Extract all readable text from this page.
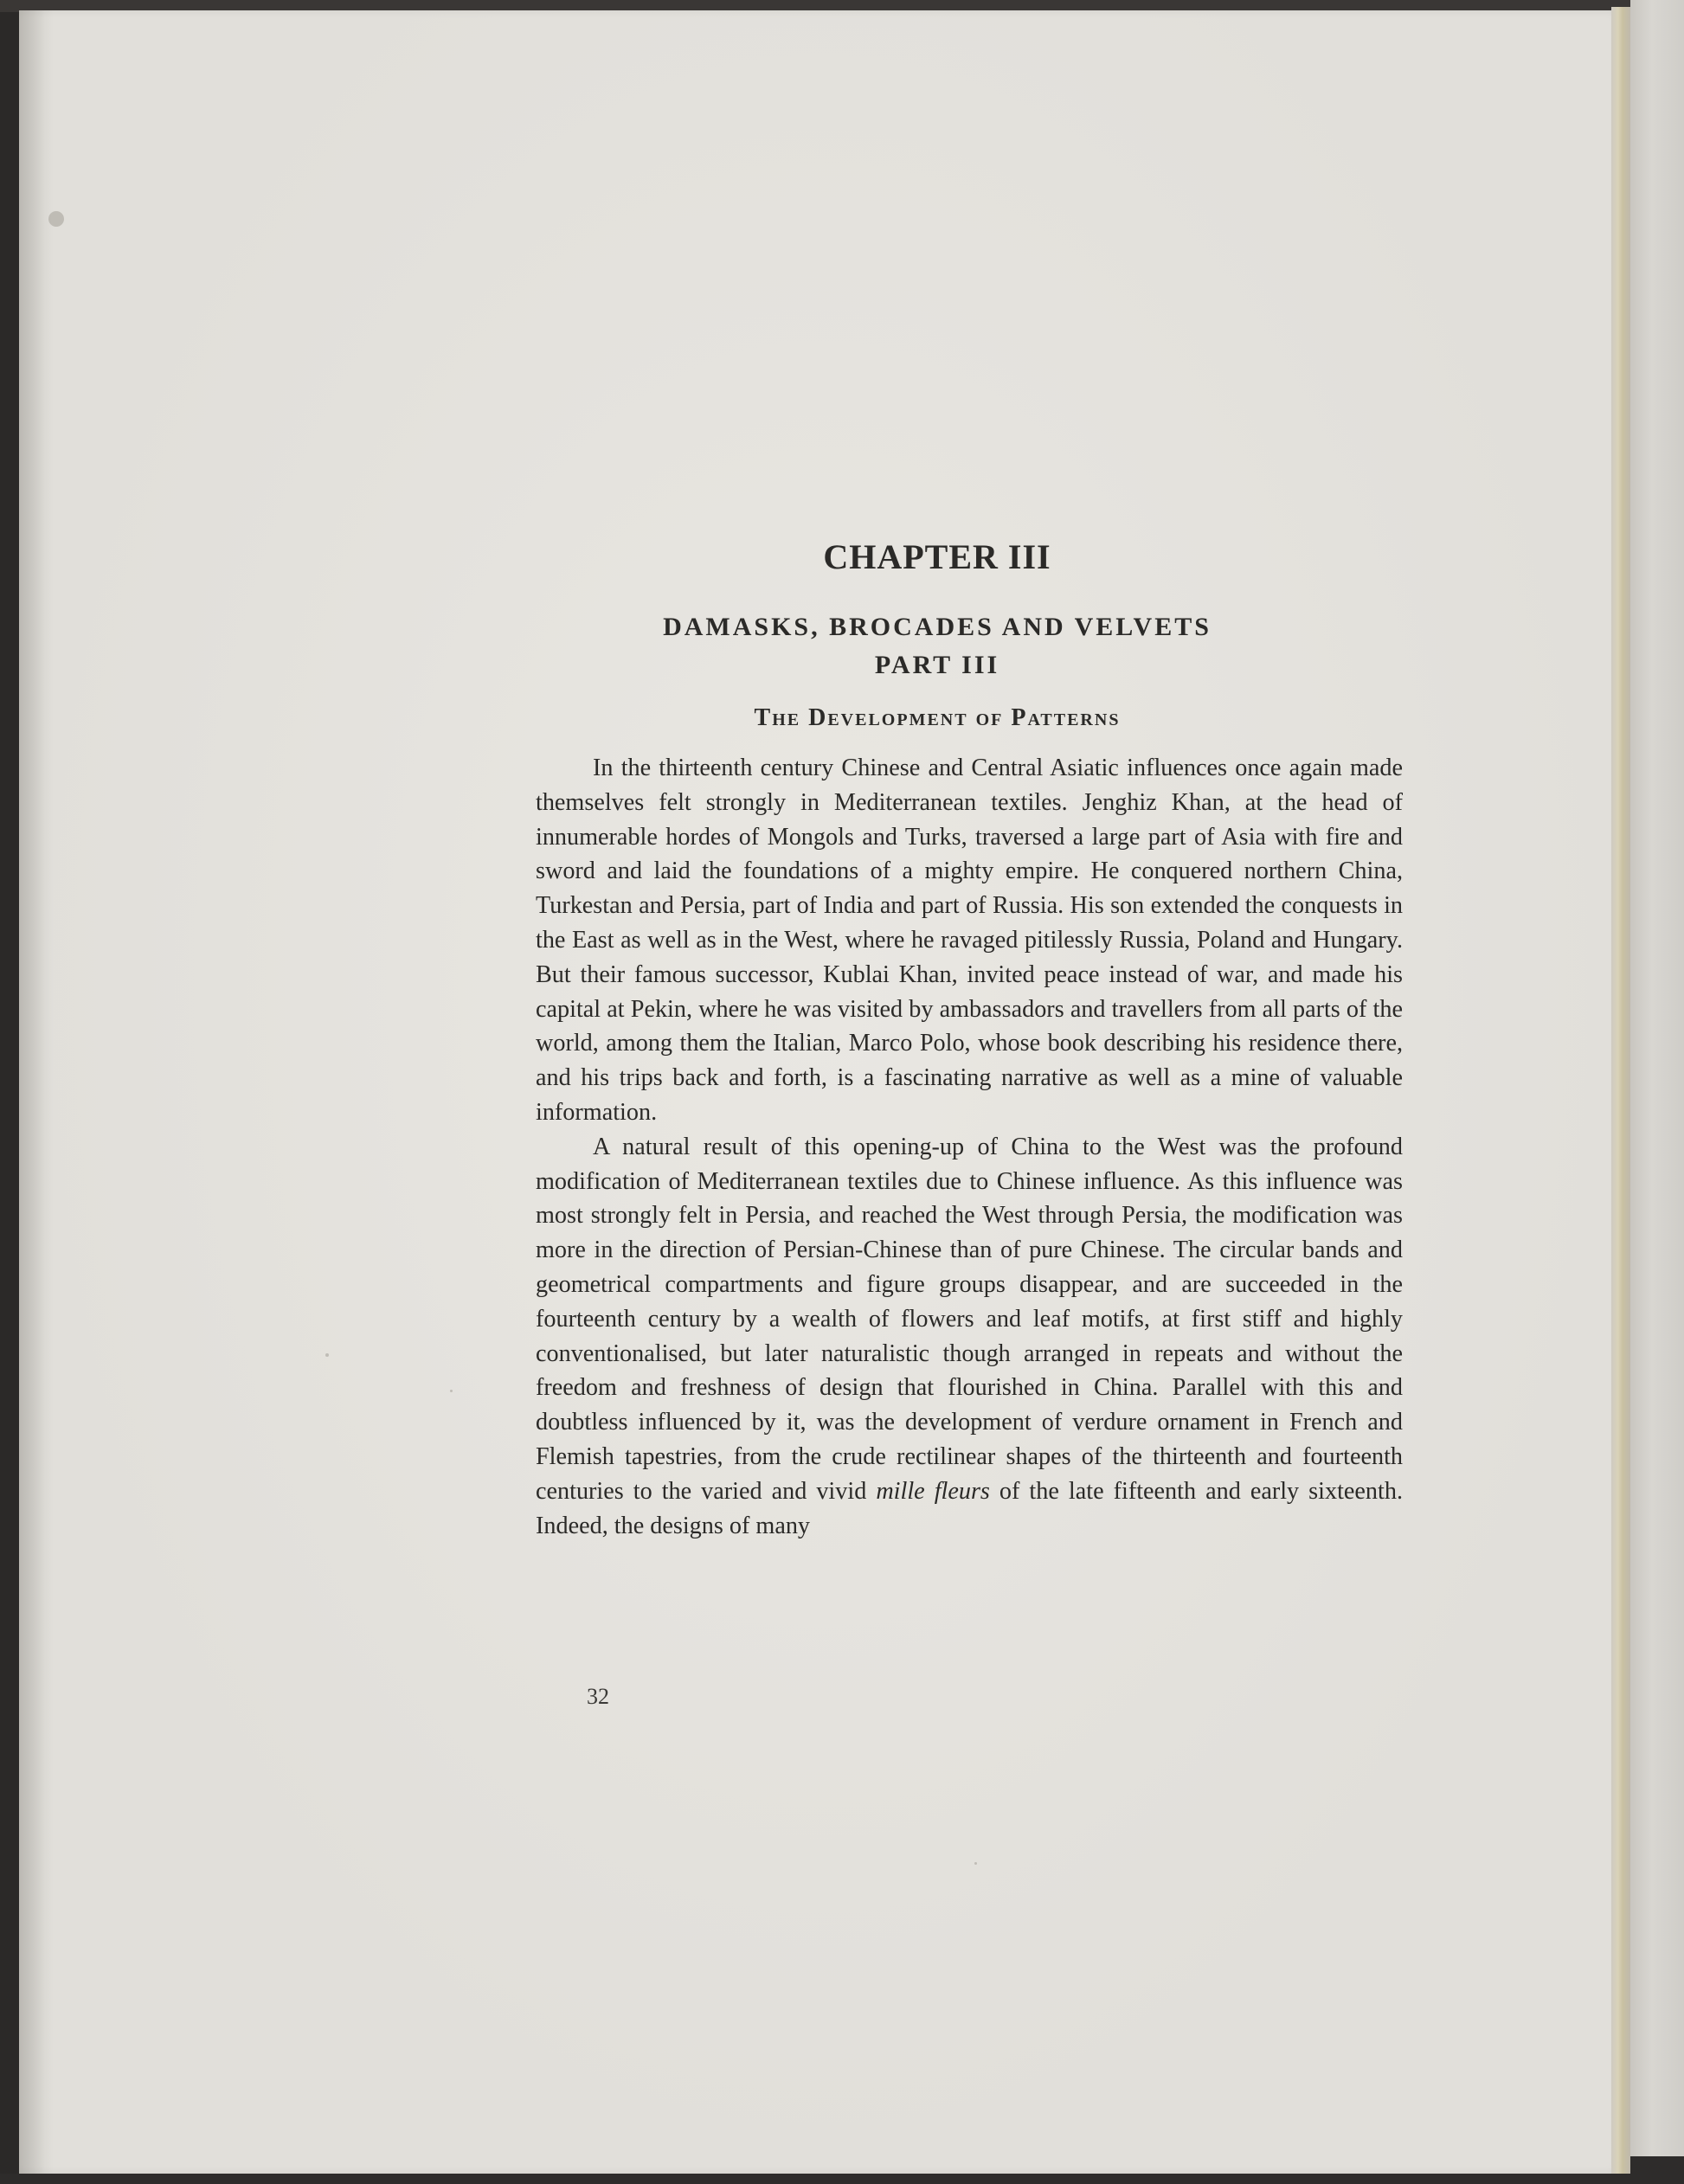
CHAPTER III
DAMASKS, BROCADES AND VELVETS
PART III
The Development of Patterns

In the thirteenth century Chinese and Central Asiatic influences once again made themselves felt strongly in Mediterranean textiles. Jenghiz Khan, at the head of innumerable hordes of Mongols and Turks, traversed a large part of Asia with fire and sword and laid the foundations of a mighty empire. He conquered northern China, Turkestan and Persia, part of India and part of Russia. His son extended the conquests in the East as well as in the West, where he ravaged pitilessly Russia, Poland and Hungary. But their famous successor, Kublai Khan, invited peace instead of war, and made his capital at Pekin, where he was visited by ambassadors and travellers from all parts of the world, among them the Italian, Marco Polo, whose book describing his residence there, and his trips back and forth, is a fascinating narrative as well as a mine of valuable information.

A natural result of this opening-up of China to the West was the profound modification of Mediterranean textiles due to Chinese influence. As this influence was most strongly felt in Persia, and reached the West through Persia, the modification was more in the direction of Persian-Chinese than of pure Chinese. The circular bands and geometrical compartments and figure groups disappear, and are succeeded in the fourteenth century by a wealth of flowers and leaf motifs, at first stiff and highly conventionalised, but later naturalistic though arranged in repeats and without the freedom and freshness of design that flourished in China. Parallel with this and doubtless influenced by it, was the development of verdure ornament in French and Flemish tapestries, from the crude rectilinear shapes of the thirteenth and fourteenth centuries to the varied and vivid mille fleurs of the late fifteenth and early sixteenth. Indeed, the designs of many

32
